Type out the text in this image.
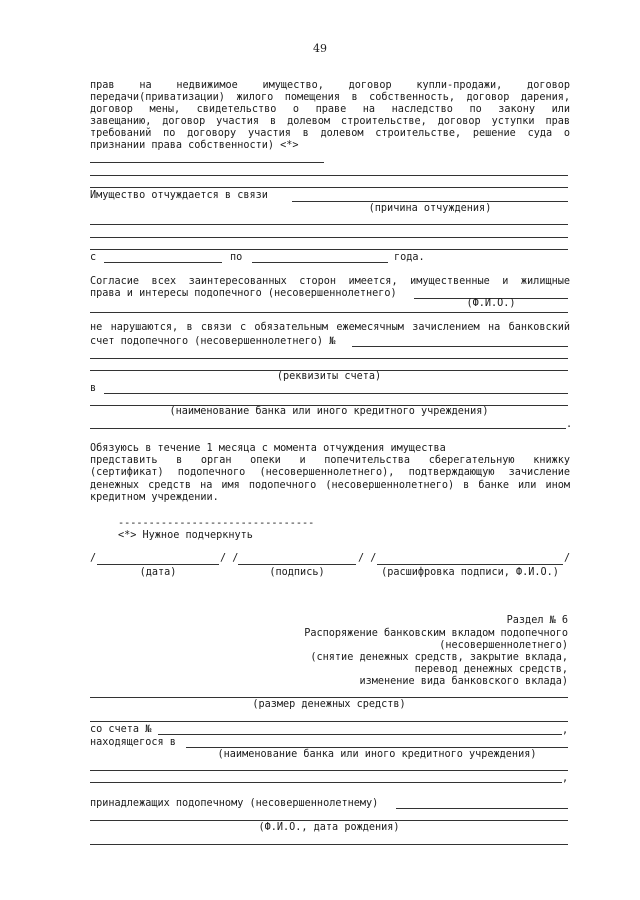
49
прав на недвижимое имущество, договор купли-продажи, договор
передачи(приватизации) жилого помещения в собственность, договор дарения,
договор мены, свидетельство о праве на наследство по закону или
завещанию, договор участия в долевом строительстве, договор уступки прав
требований по договору участия в долевом строительстве, решение суда о
признании права собственности) <*>
Имущество отчуждается в связи
(причина отчуждения)
с	по	года.
Согласие всех заинтересованных сторон имеется, имущественные и жилищные
права и интересы подопечного (несовершеннолетнего)
(Ф.И.О.)
не нарушаются, в связи с обязательным ежемесячным зачислением на банковский
счет подопечного (несовершеннолетнего) №
(реквизиты счета)
в
(наименование банка или иного кредитного учреждения)
.
Обязуюсь в течение 1 месяца с момента отчуждения имущества
представить в орган опеки и попечительства сберегательную книжку
(сертификат) подопечного (несовершеннолетнего), подтверждающую зачисление
денежных средств на имя подопечного (несовершеннолетнего) в банке или ином
кредитном учреждении.
--------------------------------
<*> Нужное подчеркнуть
/	/ /	/ /	/
(дата)	(подпись)	(расшифровка подписи, Ф.И.О.)
Раздел № 6
Распоряжение банковским вкладом подопечного
(несовершеннолетнего)
(снятие денежных средств, закрытие вклада,
перевод денежных средств,
изменение вида банковского вклада)
(размер денежных средств)
со счета №	,
находящегося в
(наименование банка или иного кредитного учреждения)
,
принадлежащих подопечному (несовершеннолетнему)
(Ф.И.О., дата рождения)
